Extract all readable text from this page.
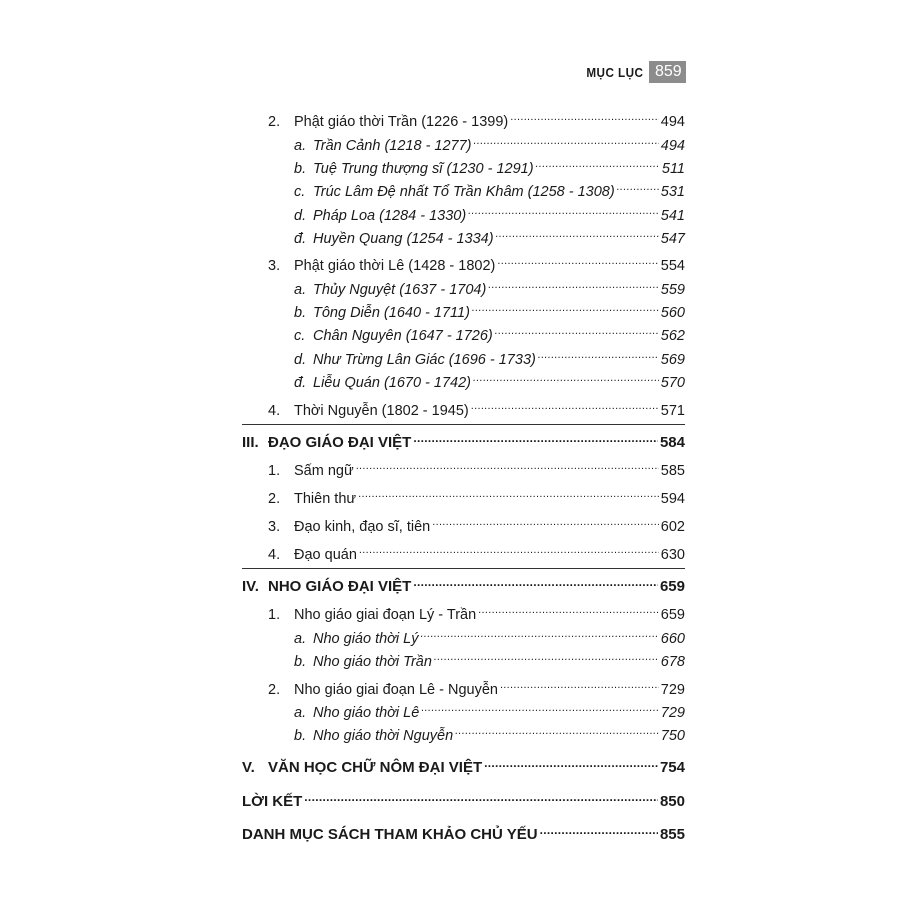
MỤC LỤC 859
2. Phật giáo thời Trần (1226 - 1399) .....	494
a. Trần Cảnh (1218 - 1277) .....	494
b. Tuệ Trung thượng sĩ (1230 - 1291) .....	511
c. Trúc Lâm Đệ nhất Tổ Trần Khâm (1258 - 1308) .....	531
d. Pháp Loa (1284 - 1330) .....	541
đ. Huyền Quang (1254 - 1334) .....	547
3. Phật giáo thời Lê (1428 - 1802) .....	554
a. Thủy Nguyệt (1637 - 1704) .....	559
b. Tông Diễn (1640 - 1711) .....	560
c. Chân Nguyên (1647 - 1726) .....	562
d. Như Trừng Lân Giác (1696 - 1733) .....	569
đ. Liễu Quán (1670 - 1742) .....	570
4. Thời Nguyễn (1802 - 1945) .....	571
III. ĐẠO GIÁO ĐẠI VIỆT .....	584
1. Sấm ngữ .....	585
2. Thiên thư .....	594
3. Đạo kinh, đạo sĩ, tiên .....	602
4. Đạo quán .....	630
IV. NHO GIÁO ĐẠI VIỆT .....	659
1. Nho giáo giai đoạn Lý - Trần .....	659
a. Nho giáo thời Lý .....	660
b. Nho giáo thời Trần .....	678
2. Nho giáo giai đoạn Lê - Nguyễn .....	729
a. Nho giáo thời Lê .....	729
b. Nho giáo thời Nguyễn .....	750
V. VĂN HỌC CHỮ NÔM ĐẠI VIỆT .....	754
LỜI KẾT .....	850
DANH MỤC SÁCH THAM KHẢO CHỦ YẾU .....	855
